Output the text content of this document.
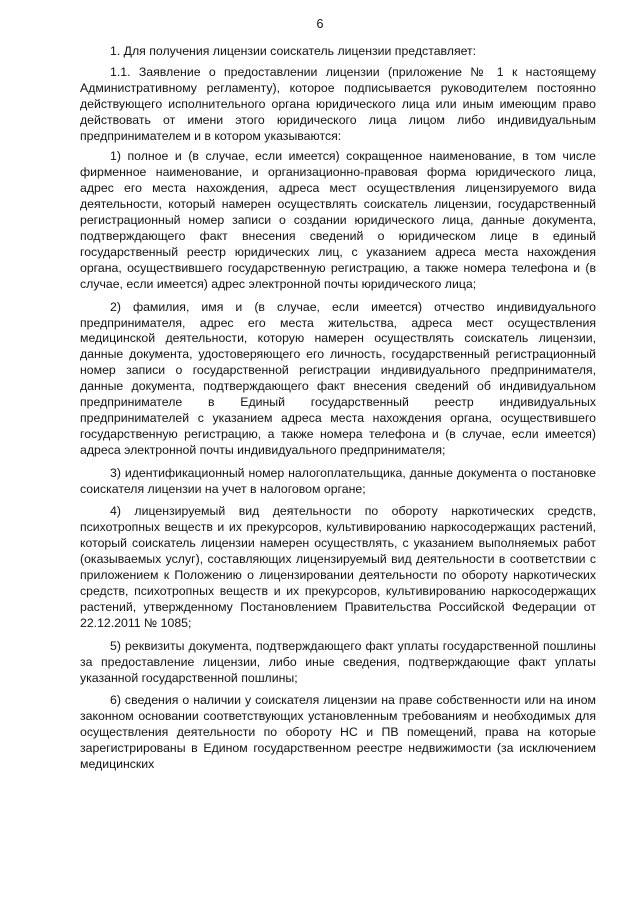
6

1. Для получения лицензии соискатель лицензии представляет:

1.1. Заявление о предоставлении лицензии (приложение № 1 к настоящему Административному регламенту), которое подписывается руководителем постоянно действующего исполнительного органа юридического лица или иным имеющим право действовать от имени этого юридического лица лицом либо индивидуальным предпринимателем и в котором указываются:

1) полное и (в случае, если имеется) сокращенное наименование, в том числе фирменное наименование, и организационно-правовая форма юридического лица, адрес его места нахождения, адреса мест осуществления лицензируемого вида деятельности, который намерен осуществлять соискатель лицензии, государственный регистрационный номер записи о создании юридического лица, данные документа, подтверждающего факт внесения сведений о юридическом лице в единый государственный реестр юридических лиц, с указанием адреса места нахождения органа, осуществившего государственную регистрацию, а также номера телефона и (в случае, если имеется) адрес электронной почты юридического лица;

2) фамилия, имя и (в случае, если имеется) отчество индивидуального предпринимателя, адрес его места жительства, адреса мест осуществления медицинской деятельности, которую намерен осуществлять соискатель лицензии, данные документа, удостоверяющего его личность, государственный регистрационный номер записи о государственной регистрации индивидуального предпринимателя, данные документа, подтверждающего факт внесения сведений об индивидуальном предпринимателе в Единый государственный реестр индивидуальных предпринимателей с указанием адреса места нахождения органа, осуществившего государственную регистрацию, а также номера телефона и (в случае, если имеется) адреса электронной почты индивидуального предпринимателя;

3) идентификационный номер налогоплательщика, данные документа о постановке соискателя лицензии на учет в налоговом органе;

4) лицензируемый вид деятельности по обороту наркотических средств, психотропных веществ и их прекурсоров, культивированию наркосодержащих растений, который соискатель лицензии намерен осуществлять, с указанием выполняемых работ (оказываемых услуг), составляющих лицензируемый вид деятельности в соответствии с приложением к Положению о лицензировании деятельности по обороту наркотических средств, психотропных веществ и их прекурсоров, культивированию наркосодержащих растений, утвержденному Постановлением Правительства Российской Федерации от 22.12.2011 № 1085;

5) реквизиты документа, подтверждающего факт уплаты государственной пошлины за предоставление лицензии, либо иные сведения, подтверждающие факт уплаты указанной государственной пошлины;

6) сведения о наличии у соискателя лицензии на праве собственности или на ином законном основании соответствующих установленным требованиям и необходимых для осуществления деятельности по обороту НС и ПВ помещений, права на которые зарегистрированы в Едином государственном реестре недвижимости (за исключением медицинских
